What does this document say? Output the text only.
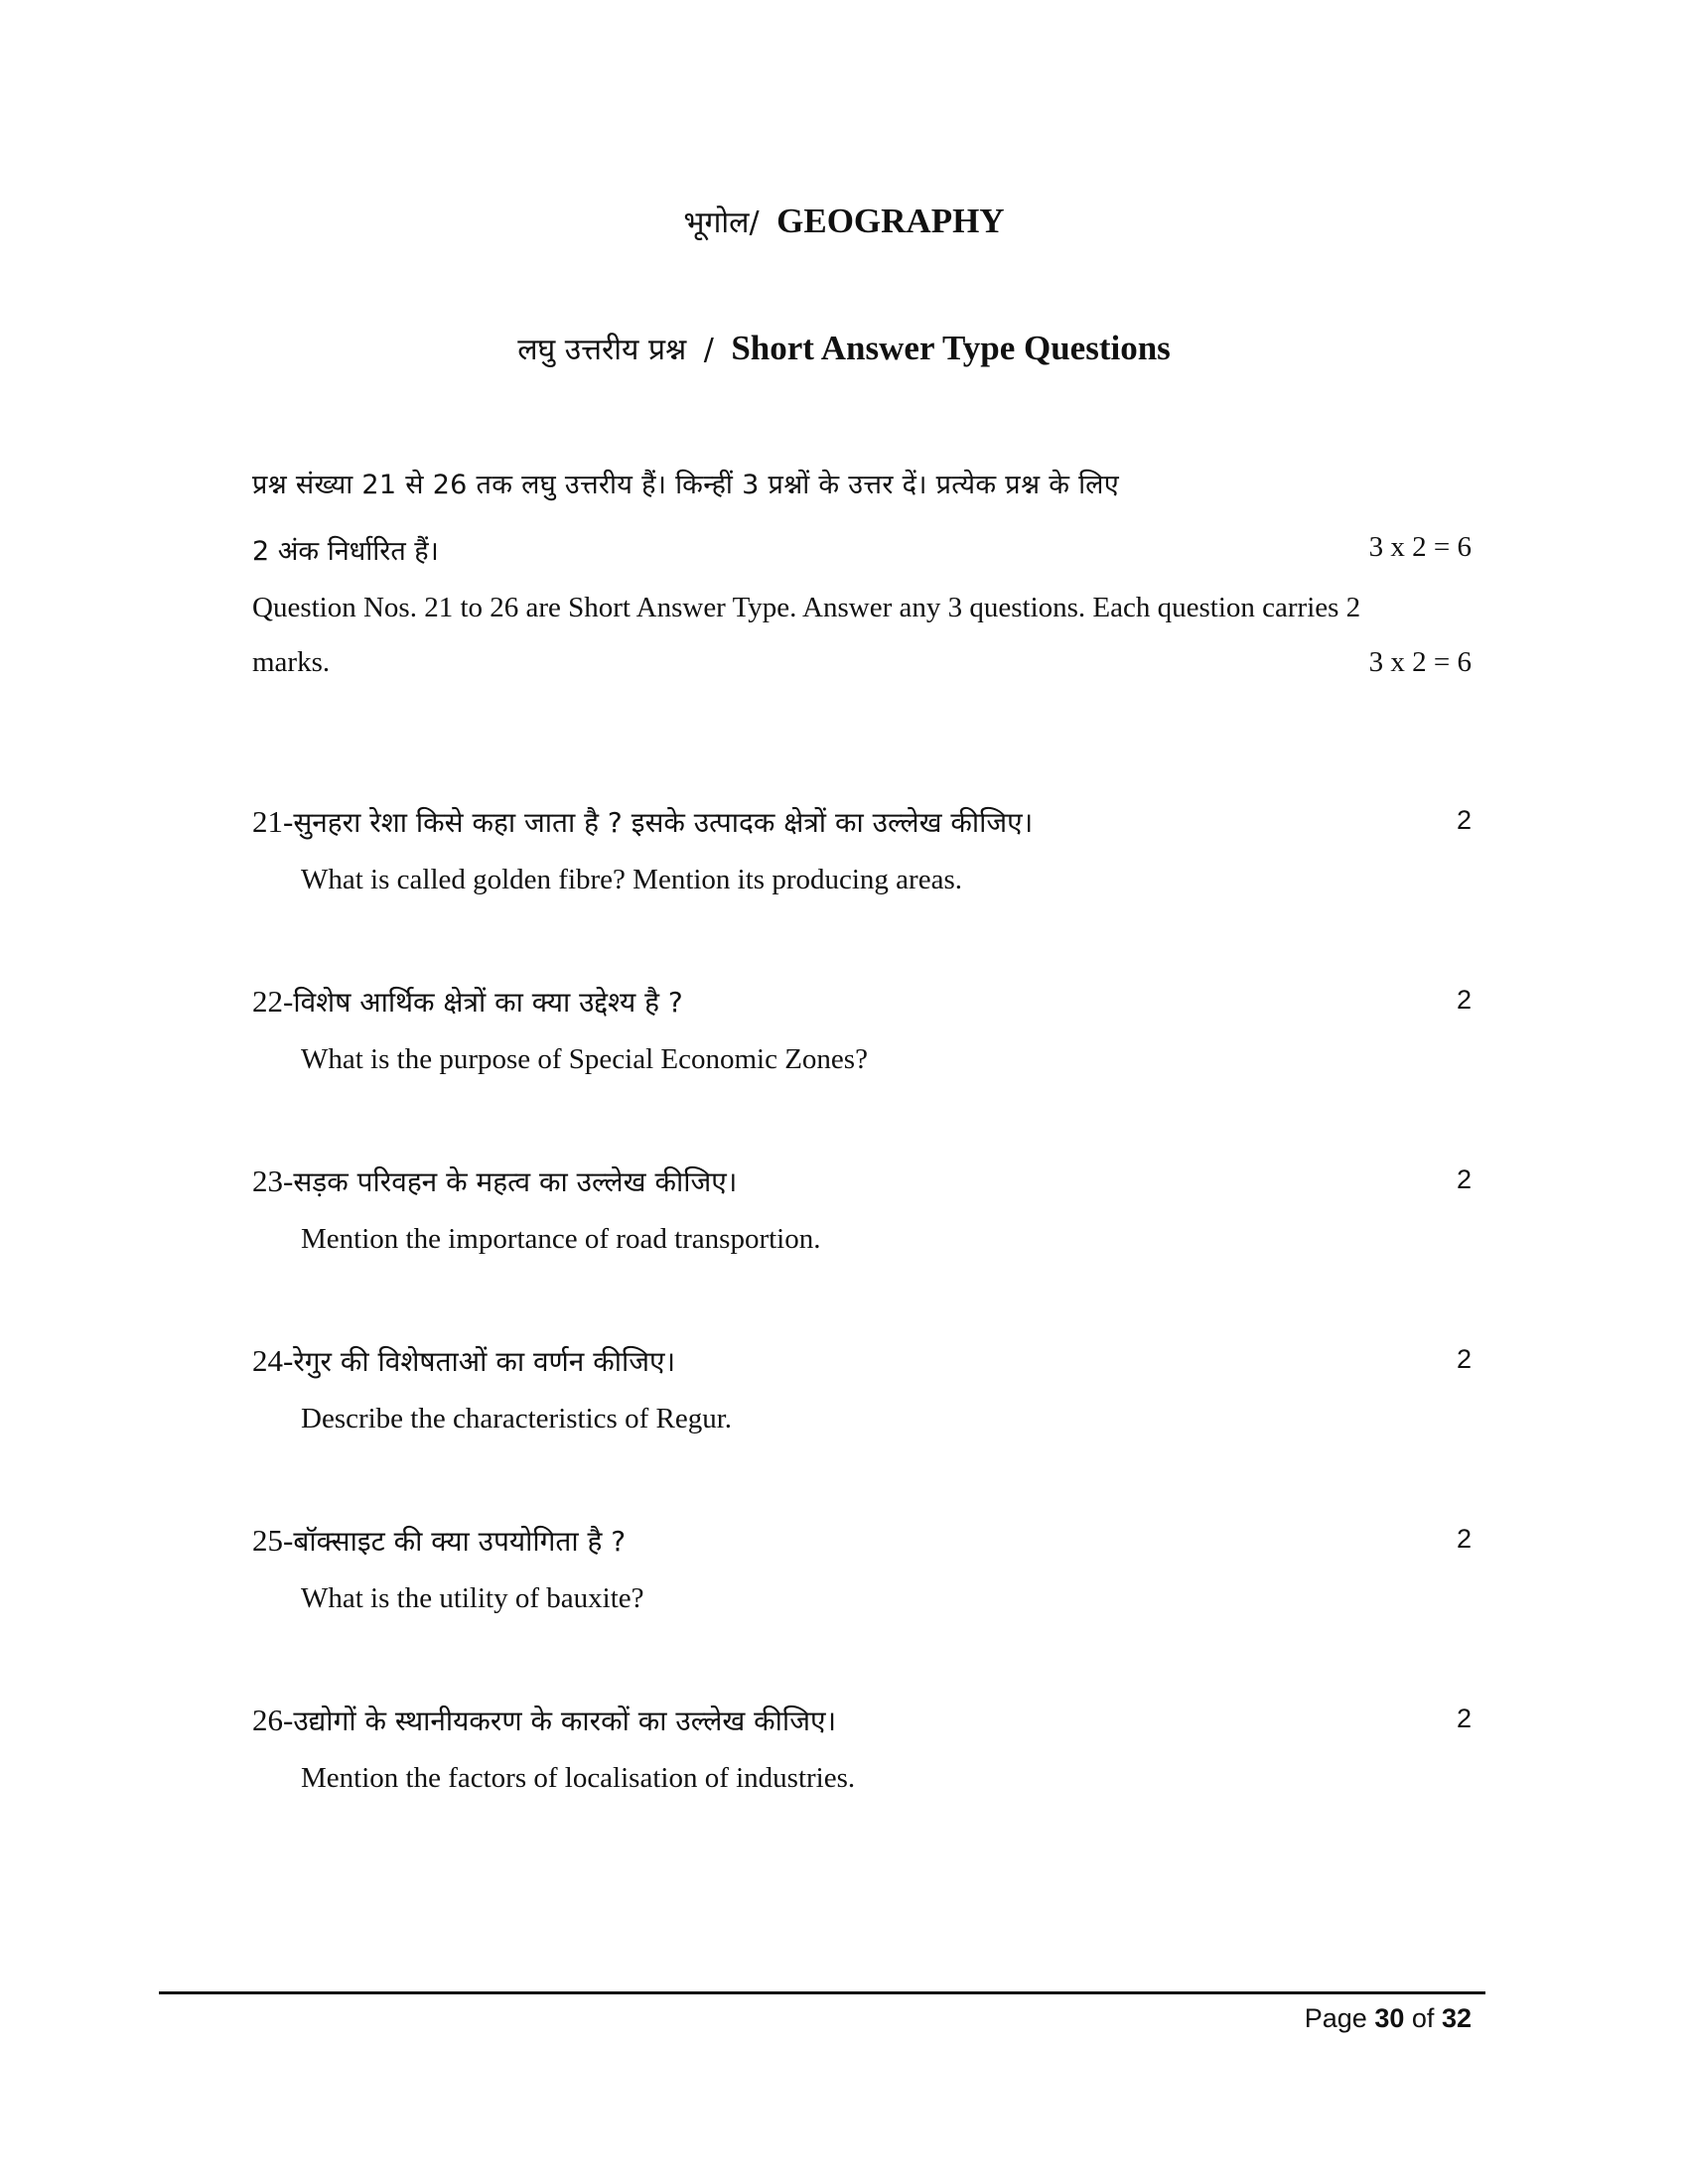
भूगोल/ GEOGRAPHY
लघु उत्तरीय प्रश्न / Short Answer Type Questions
प्रश्न संख्या 21 से 26 तक लघु उत्तरीय हैं। किन्हीं 3 प्रश्नों के उत्तर दें। प्रत्येक प्रश्न के लिए
2 अंक निर्धारित हैं।	3 x 2 = 6
Question Nos. 21 to 26 are Short Answer Type. Answer any 3 questions. Each question carries 2
marks.	3 x 2 = 6
21-सुनहरा रेशा किसे कहा जाता है ? इसके उत्पादक क्षेत्रों का उल्लेख कीजिए।	2
What is called golden fibre? Mention its producing areas.
22-विशेष आर्थिक क्षेत्रों का क्या उद्देश्य है ?	2
What is the purpose of Special Economic Zones?
23-सड़क परिवहन के महत्व का उल्लेख कीजिए।	2
Mention the importance of road transportion.
24-रेगुर की विशेषताओं का वर्णन कीजिए।	2
Describe the characteristics of Regur.
25-बॉक्साइट की क्या उपयोगिता है ?	2
What is the utility of bauxite?
26-उद्योगों के स्थानीयकरण के कारकों का उल्लेख कीजिए।	2
Mention the factors of localisation of industries.
Page 30 of 32
